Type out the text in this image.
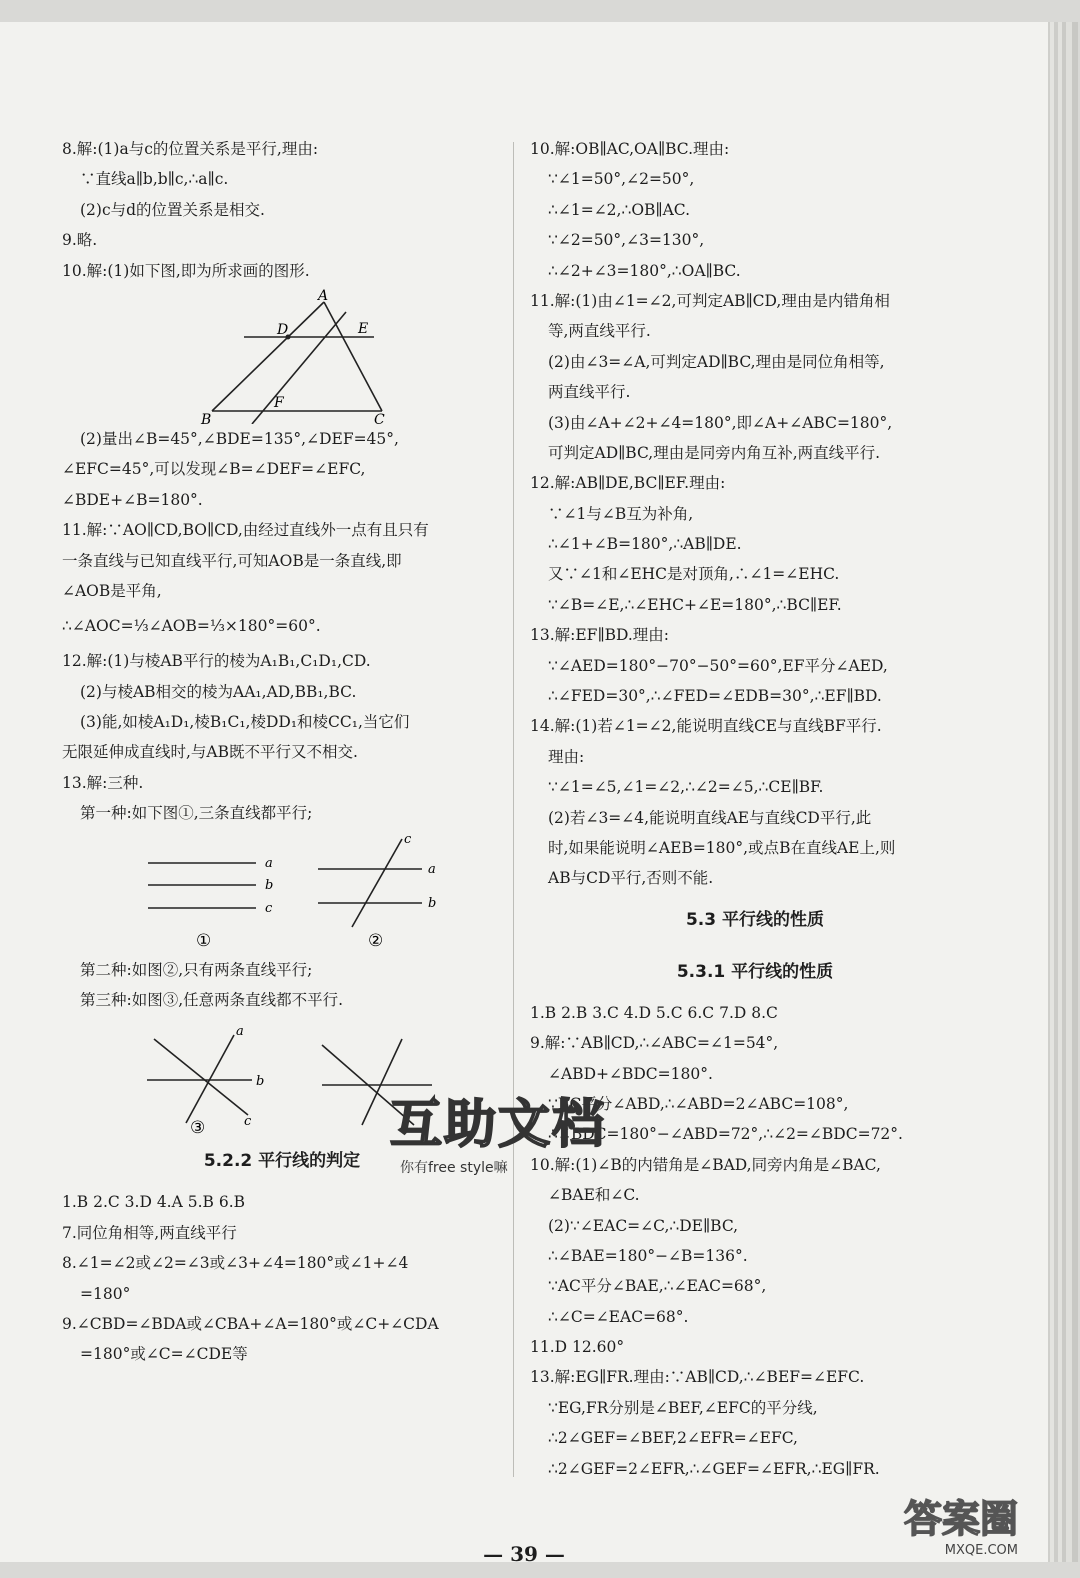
8.解:(1)a与c的位置关系是平行,理由:
∵直线a∥b,b∥c,∴a∥c.
(2)c与d的位置关系是相交.
9.略.
10.解:(1)如下图,即为所求画的图形.
A
D	E
B
F
C
(2)量出∠B=45°,∠BDE=135°,∠DEF=45°,
∠EFC=45°,可以发现∠B=∠DEF=∠EFC,
∠BDE+∠B=180°.
11.解:∵AO∥CD,BO∥CD,由经过直线外一点有且只有
一条直线与已知直线平行,可知AOB是一条直线,即
∠AOB是平角,
∴∠AOC=⅓∠AOB=⅓×180°=60°.
12.解:(1)与棱AB平行的棱为A₁B₁,C₁D₁,CD.
(2)与棱AB相交的棱为AA₁,AD,BB₁,BC.
(3)能,如棱A₁D₁,棱B₁C₁,棱DD₁和棱CC₁,当它们
无限延伸成直线时,与AB既不平行又不相交.
13.解:三种.
第一种:如下图①,三条直线都平行;
a
b
c
①
c
a
b
②
第二种:如图②,只有两条直线平行;
第三种:如图③,任意两条直线都不平行.
a
b
c
③
5.2.2 平行线的判定
1.B 2.C 3.D 4.A 5.B 6.B
7.同位角相等,两直线平行
8.∠1=∠2或∠2=∠3或∠3+∠4=180°或∠1+∠4
=180°
9.∠CBD=∠BDA或∠CBA+∠A=180°或∠C+∠CDA
=180°或∠C=∠CDE等
10.解:OB∥AC,OA∥BC.理由:
∵∠1=50°,∠2=50°,
∴∠1=∠2,∴OB∥AC.
∵∠2=50°,∠3=130°,
∴∠2+∠3=180°,∴OA∥BC.
11.解:(1)由∠1=∠2,可判定AB∥CD,理由是内错角相
等,两直线平行.
(2)由∠3=∠A,可判定AD∥BC,理由是同位角相等,
两直线平行.
(3)由∠A+∠2+∠4=180°,即∠A+∠ABC=180°,
可判定AD∥BC,理由是同旁内角互补,两直线平行.
12.解:AB∥DE,BC∥EF.理由:
∵∠1与∠B互为补角,
∴∠1+∠B=180°,∴AB∥DE.
又∵∠1和∠EHC是对顶角,∴∠1=∠EHC.
∵∠B=∠E,∴∠EHC+∠E=180°,∴BC∥EF.
13.解:EF∥BD.理由:
∵∠AED=180°−70°−50°=60°,EF平分∠AED,
∴∠FED=30°,∴∠FED=∠EDB=30°,∴EF∥BD.
14.解:(1)若∠1=∠2,能说明直线CE与直线BF平行.
理由:
∵∠1=∠5,∠1=∠2,∴∠2=∠5,∴CE∥BF.
(2)若∠3=∠4,能说明直线AE与直线CD平行,此
时,如果能说明∠AEB=180°,或点B在直线AE上,则
AB与CD平行,否则不能.
5.3 平行线的性质
5.3.1 平行线的性质
1.B 2.B 3.C 4.D 5.C 6.C 7.D 8.C
9.解:∵AB∥CD,∴∠ABC=∠1=54°,
∠ABD+∠BDC=180°.
∵BC平分∠ABD,∴∠ABD=2∠ABC=108°,
∴∠BDC=180°−∠ABD=72°,∴∠2=∠BDC=72°.
10.解:(1)∠B的内错角是∠BAD,同旁内角是∠BAC,
∠BAE和∠C.
(2)∵∠EAC=∠C,∴DE∥BC,
∴∠BAE=180°−∠B=136°.
∵AC平分∠BAE,∴∠EAC=68°,
∴∠C=∠EAC=68°.
11.D 12.60°
13.解:EG∥FR.理由:∵AB∥CD,∴∠BEF=∠EFC.
∵EG,FR分别是∠BEF,∠EFC的平分线,
∴2∠GEF=∠BEF,2∠EFR=∠EFC,
∴2∠GEF=2∠EFR,∴∠GEF=∠EFR,∴EG∥FR.
— 39 —
互助文档
你有free style嘛
答案圈
MXQE.COM
